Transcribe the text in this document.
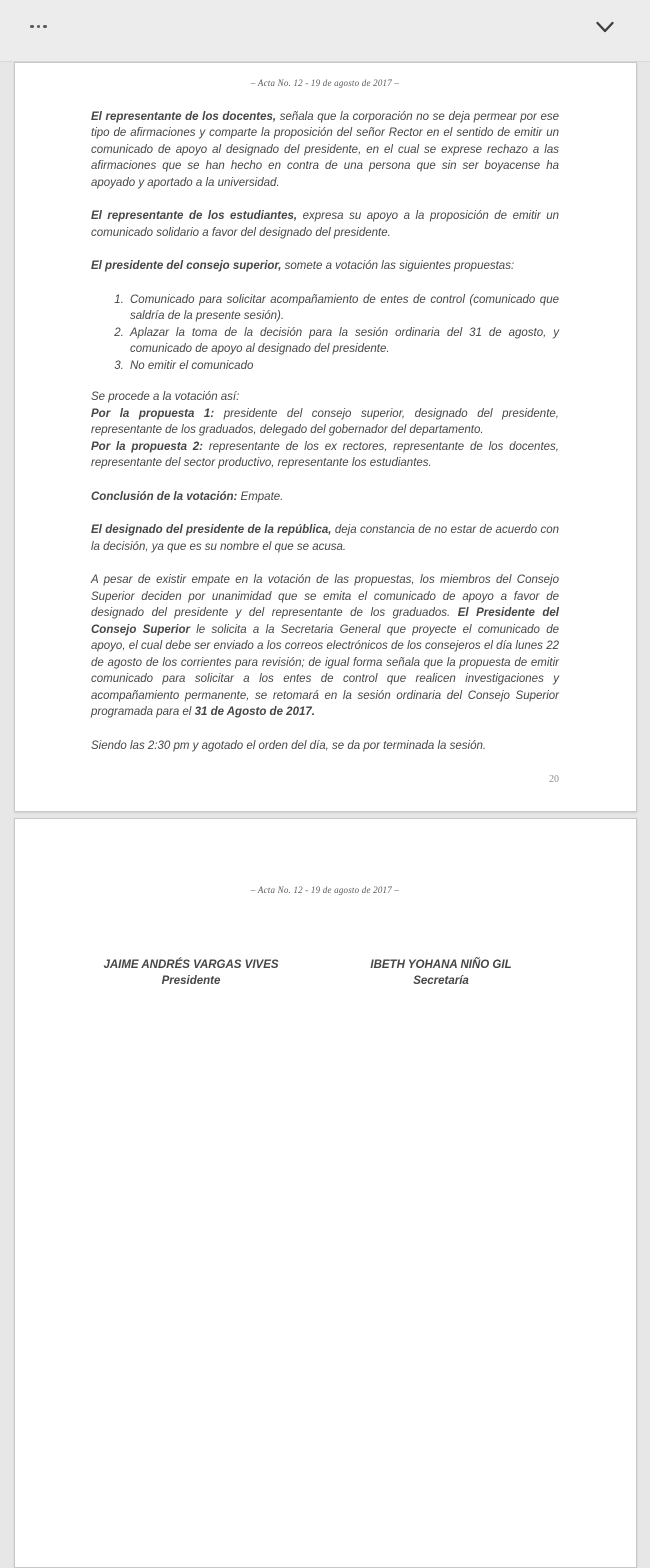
– Acta No. 12 - 19 de agosto de 2017 –

El representante de los docentes, señala que la corporación no se deja permear por ese tipo de afirmaciones y comparte la proposición del señor Rector en el sentido de emitir un comunicado de apoyo al designado del presidente, en el cual se exprese rechazo a las afirmaciones que se han hecho en contra de una persona que sin ser boyacense ha apoyado y aportado a la universidad.

El representante de los estudiantes, expresa su apoyo a la proposición de emitir un comunicado solidario a favor del designado del presidente.

El presidente del consejo superior, somete a votación las siguientes propuestas:

1. Comunicado para solicitar acompañamiento de entes de control (comunicado que saldría de la presente sesión).
2. Aplazar la toma de la decisión para la sesión ordinaria del 31 de agosto, y comunicado de apoyo al designado del presidente.
3. No emitir el comunicado

Se procede a la votación así:

Por la propuesta 1: presidente del consejo superior, designado del presidente, representante de los graduados, delegado del gobernador del departamento.

Por la propuesta 2: representante de los ex rectores, representante de los docentes, representante del sector productivo, representante los estudiantes.

Conclusión de la votación: Empate.

El designado del presidente de la república, deja constancia de no estar de acuerdo con la decisión, ya que es su nombre el que se acusa.

A pesar de existir empate en la votación de las propuestas, los miembros del Consejo Superior deciden por unanimidad que se emita el comunicado de apoyo a favor de designado del presidente y del representante de los graduados. El Presidente del Consejo Superior le solicita a la Secretaria General que proyecte el comunicado de apoyo, el cual debe ser enviado a los correos electrónicos de los consejeros el día lunes 22 de agosto de los corrientes para revisión; de igual forma señala que la propuesta de emitir comunicado para solicitar a los entes de control que realicen investigaciones y acompañamiento permanente, se retomará en la sesión ordinaria del Consejo Superior programada para el 31 de Agosto de 2017.

Siendo las 2:30 pm y agotado el orden del día, se da por terminada la sesión.

20
– Acta No. 12 - 19 de agosto de 2017 –
JAIME ANDRÉS VARGAS VIVES
Presidente
IBETH YOHANA NIÑO GIL
Secretaría
